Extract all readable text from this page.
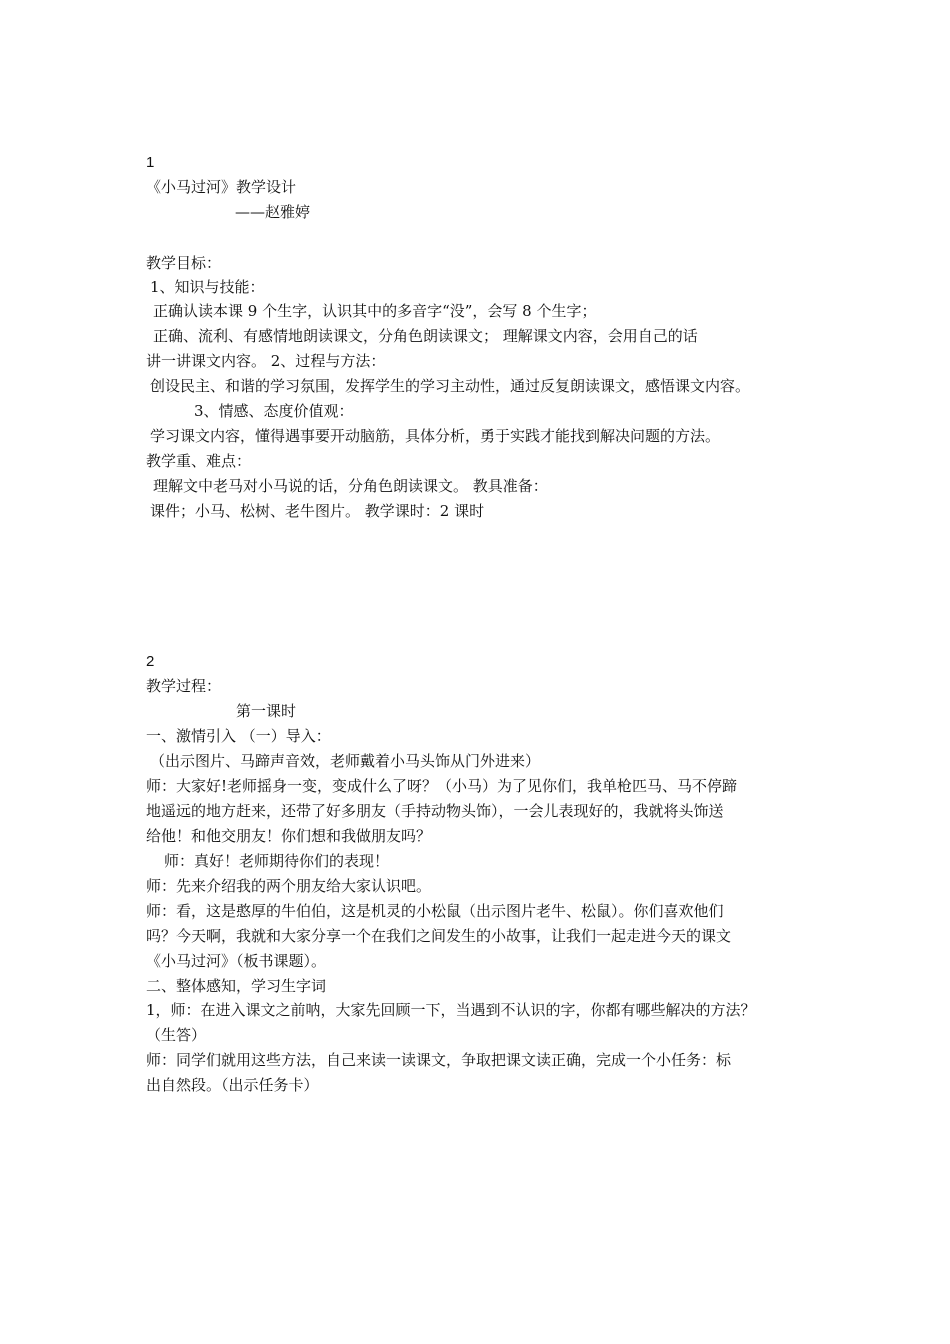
1
《小马过河》教学设计
——赵雅婷
教学目标：
1、知识与技能：
正确认读本课 9 个生字，认识其中的多音字“没”，会写 8 个生字；
正确、流利、有感情地朗读课文，分角色朗读课文； 理解课文内容，会用自己的话
讲一讲课文内容。 2、过程与方法：
创设民主、和谐的学习氛围，发挥学生的学习主动性，通过反复朗读课文，感悟课文内容。
3、情感、态度价值观：
学习课文内容，懂得遇事要开动脑筋，具体分析，勇于实践才能找到解决问题的方法。
教学重、难点：
理解文中老马对小马说的话，分角色朗读课文。 教具准备：
课件；小马、松树、老牛图片。 教学课时：2 课时
2
教学过程：
第一课时
一、激情引入 （一）导入：
（出示图片、马蹄声音效，老师戴着小马头饰从门外进来）
师：大家好!老师摇身一变，变成什么了呀？（小马）为了见你们，我单枪匹马、马不停蹄
地遥远的地方赶来，还带了好多朋友（手持动物头饰），一会儿表现好的，我就将头饰送
给他！和他交朋友！你们想和我做朋友吗？
师：真好！老师期待你们的表现！
师：先来介绍我的两个朋友给大家认识吧。
师：看，这是憨厚的牛伯伯，这是机灵的小松鼠（出示图片老牛、松鼠）。你们喜欢他们
吗？今天啊，我就和大家分享一个在我们之间发生的小故事，让我们一起走进今天的课文
《小马过河》（板书课题）。
二、整体感知，学习生字词
1，师：在进入课文之前呐，大家先回顾一下，当遇到不认识的字，你都有哪些解决的方法？
（生答）
师：同学们就用这些方法，自己来读一读课文，争取把课文读正确，完成一个小任务：标
出自然段。（出示任务卡）
